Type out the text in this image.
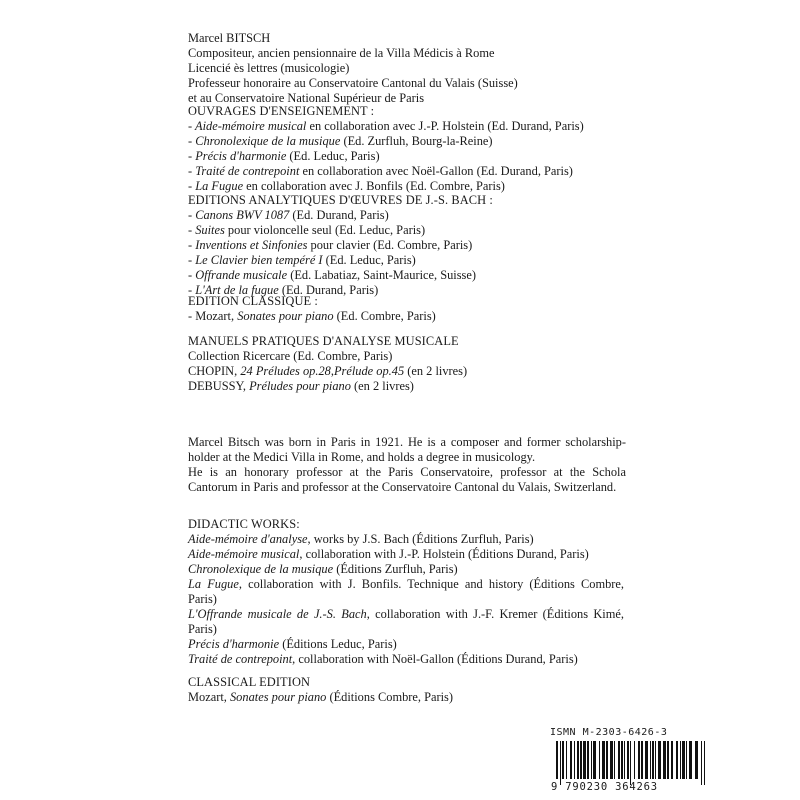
Marcel BITSCH
Compositeur, ancien pensionnaire de la Villa Médicis à Rome
Licencié ès lettres (musicologie)
Professeur honoraire au Conservatoire Cantonal du Valais (Suisse)
et au Conservatoire National Supérieur de Paris
OUVRAGES D'ENSEIGNEMENT :
- Aide-mémoire musical en collaboration avec J.-P. Holstein (Ed. Durand, Paris)
- Chronolexique de la musique (Ed. Zurfluh, Bourg-la-Reine)
- Précis d'harmonie (Ed. Leduc, Paris)
- Traité de contrepoint en collaboration avec Noël-Gallon (Ed. Durand, Paris)
- La Fugue en collaboration avec J. Bonfils (Ed. Combre, Paris)
EDITIONS ANALYTIQUES D'ŒUVRES DE J.-S. BACH :
- Canons BWV 1087 (Ed. Durand, Paris)
- Suites pour violoncelle seul (Ed. Leduc, Paris)
- Inventions et Sinfonies pour clavier (Ed. Combre, Paris)
- Le Clavier bien tempéré I (Ed. Leduc, Paris)
- Offrande musicale (Ed. Labatiaz, Saint-Maurice, Suisse)
- L'Art de la fugue (Ed. Durand, Paris)
EDITION CLASSIQUE :
- Mozart, Sonates pour piano (Ed. Combre, Paris)
MANUELS PRATIQUES D'ANALYSE MUSICALE
Collection Ricercare (Ed. Combre, Paris)
CHOPIN, 24 Préludes op.28,Prélude op.45 (en 2 livres)
DEBUSSY, Préludes pour piano (en 2 livres)
Marcel Bitsch was born in Paris in 1921. He is a composer and former scholarship-holder at the Medici Villa in Rome, and holds a degree in musicology.
He is an honorary professor at the Paris Conservatoire, professor at the Schola Cantorum in Paris and professor at the Conservatoire Cantonal du Valais, Switzerland.
DIDACTIC WORKS:
Aide-mémoire d'analyse, works by J.S. Bach (Éditions Zurfluh, Paris)
Aide-mémoire musical, collaboration with J.-P. Holstein (Éditions Durand, Paris)
Chronolexique de la musique (Éditions Zurfluh, Paris)
La Fugue, collaboration with J. Bonfils. Technique and history (Éditions Combre, Paris)
L'Offrande musicale de J.-S. Bach, collaboration with J.-F. Kremer (Éditions Kimé, Paris)
Précis d'harmonie (Éditions Leduc, Paris)
Traité de contrepoint, collaboration with Noël-Gallon (Éditions Durand, Paris)
CLASSICAL EDITION
Mozart, Sonates pour piano (Éditions Combre, Paris)
ISMN M-2303-6426-3
9 790230 364263
